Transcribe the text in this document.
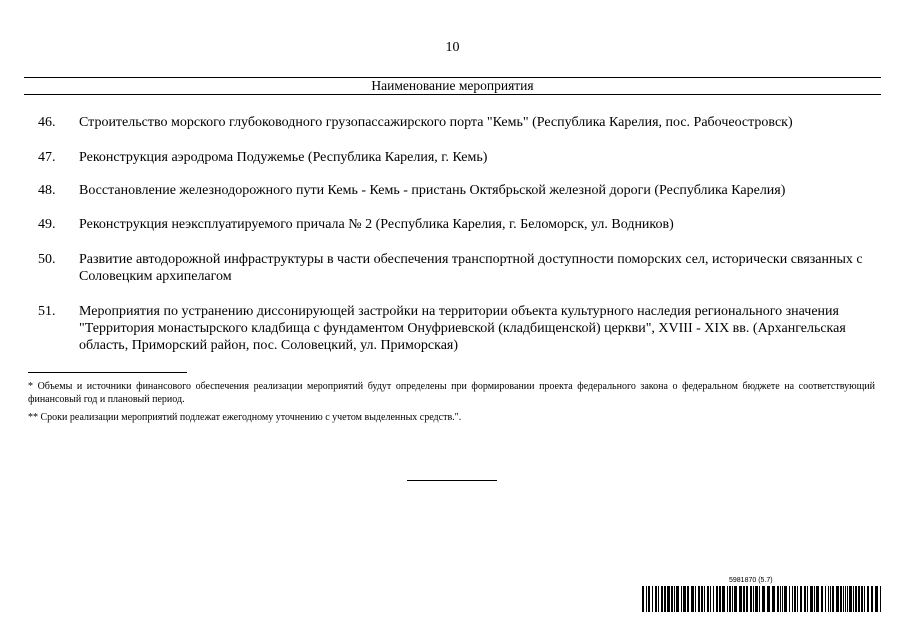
10
Наименование мероприятия
46. Строительство морского глубоководного грузопассажирского порта "Кемь" (Республика Карелия, пос. Рабочеостровск)
47. Реконструкция аэродрома Подужемье (Республика Карелия, г. Кемь)
48. Восстановление железнодорожного пути Кемь - Кемь - пристань Октябрьской железной дороги (Республика Карелия)
49. Реконструкция неэксплуатируемого причала № 2 (Республика Карелия, г. Беломорск, ул. Водников)
50. Развитие автодорожной инфраструктуры в части обеспечения транспортной доступности поморских сел, исторически связанных с Соловецким архипелагом
51. Мероприятия по устранению диссонирующей застройки на территории объекта культурного наследия регионального значения "Территория монастырского кладбища с фундаментом Онуфриевской (кладбищенской) церкви", XVIII - XIX вв. (Архангельская область, Приморский район, пос. Соловецкий, ул. Приморская)
* Объемы и источники финансового обеспечения реализации мероприятий будут определены при формировании проекта федерального закона о федеральном бюджете на соответствующий финансовый год и плановый период.
** Сроки реализации мероприятий подлежат ежегодному уточнению с учетом выделенных средств.".
5981870 (5.7)
